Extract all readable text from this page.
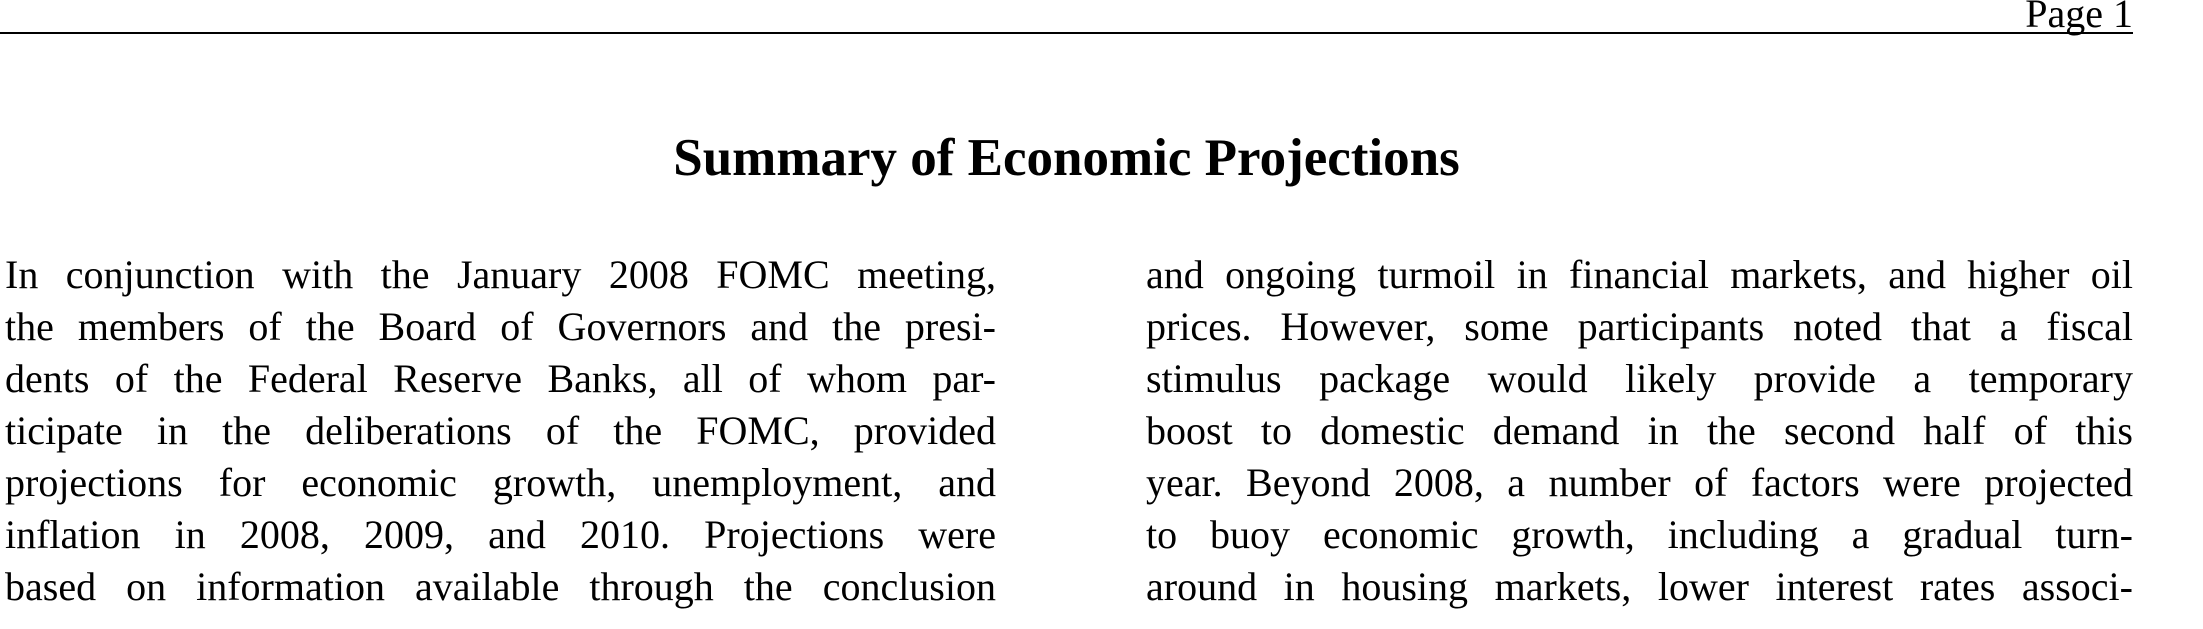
Page 1
Summary of Economic Projections
In conjunction with the January 2008 FOMC meeting,
the members of the Board of Governors and the presi-
dents of the Federal Reserve Banks, all of whom par-
ticipate in the deliberations of the FOMC, provided
projections for economic growth, unemployment, and
inflation in 2008, 2009, and 2010. Projections were
based on information available through the conclusion
and ongoing turmoil in financial markets, and higher oil
prices. However, some participants noted that a fiscal
stimulus package would likely provide a temporary
boost to domestic demand in the second half of this
year. Beyond 2008, a number of factors were projected
to buoy economic growth, including a gradual turn-
around in housing markets, lower interest rates associ-
